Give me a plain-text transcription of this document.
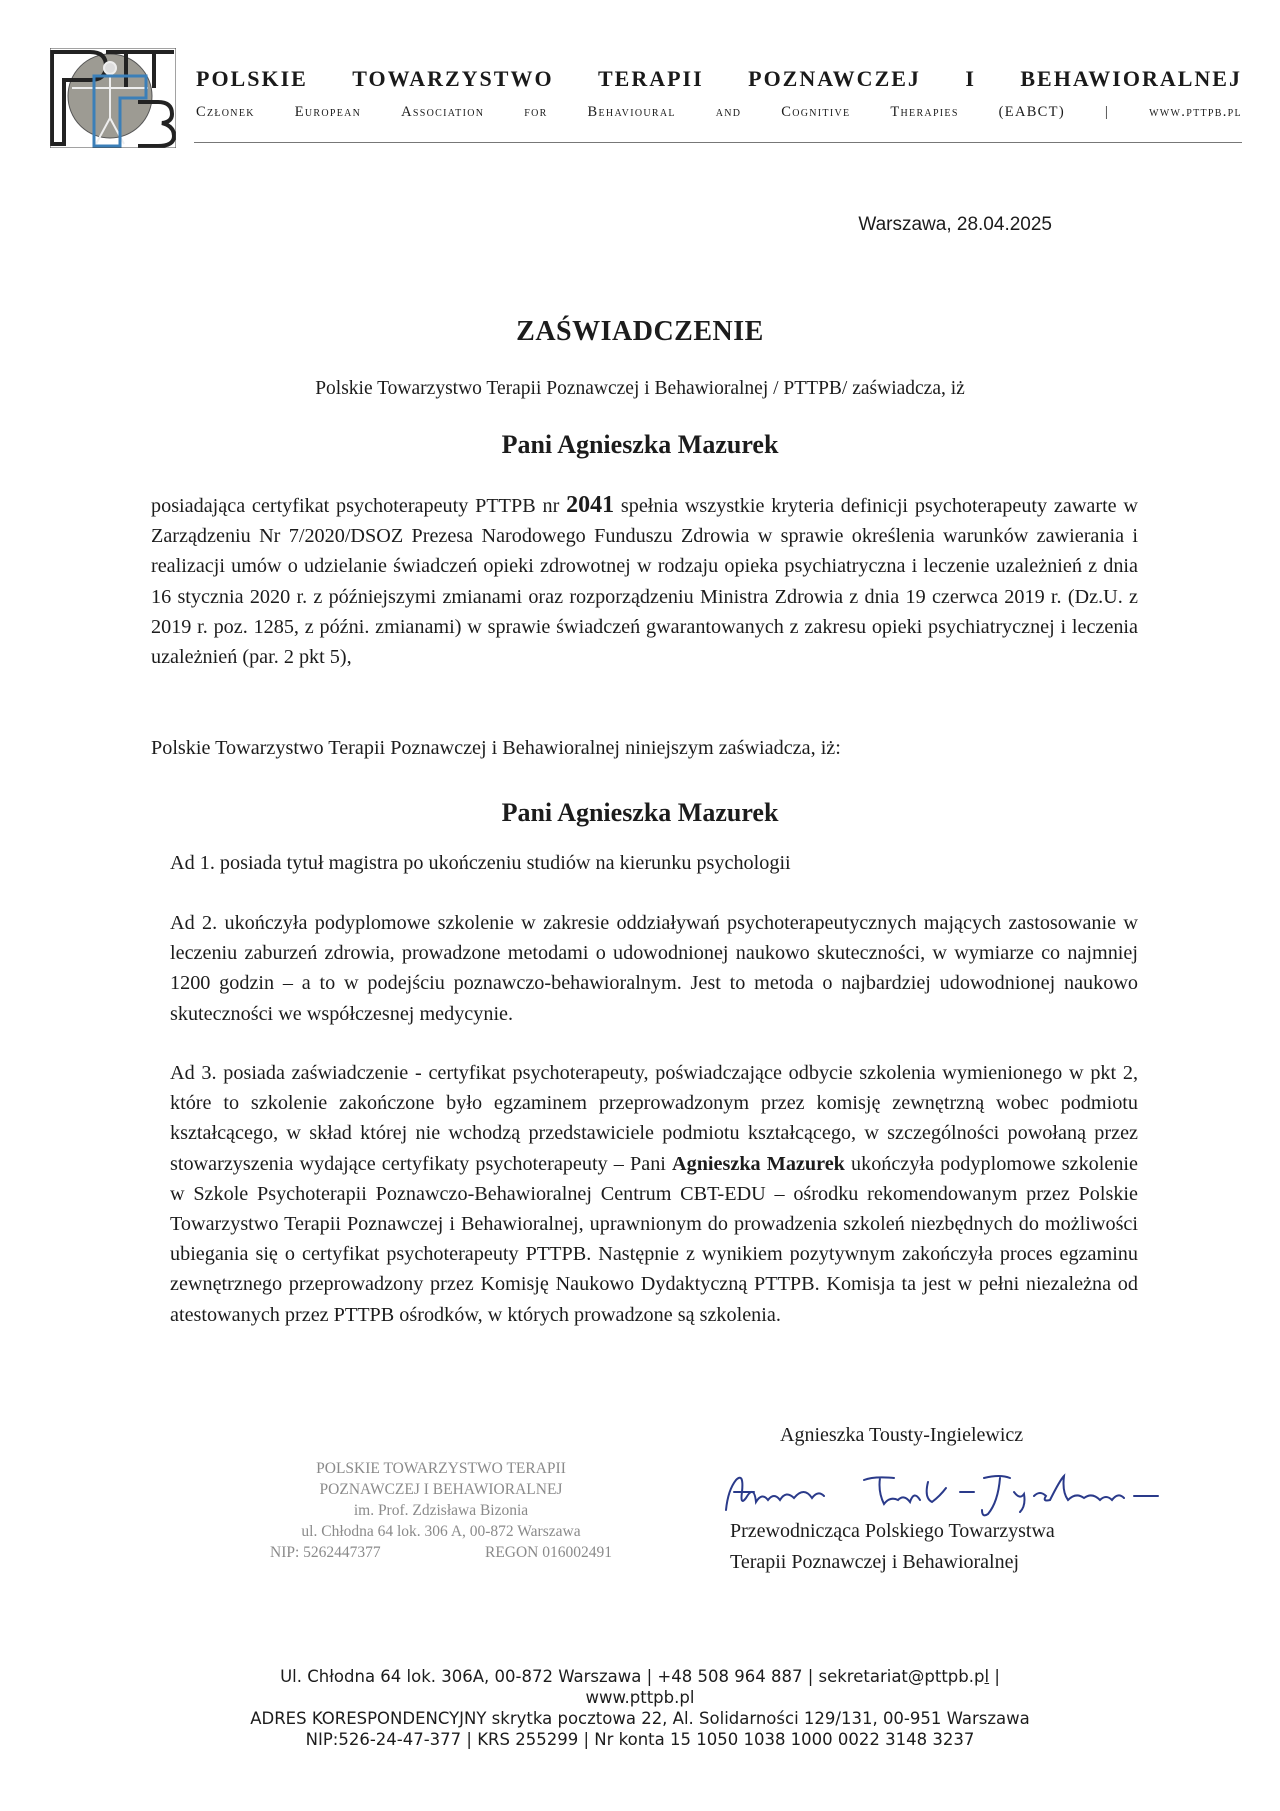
POLSKIE TOWARZYSTWO TERAPII POZNAWCZEJ I BEHAWIORALNEJ
Członek	European	Association	for	Behavioural	and	Cognitive	Therapies	(EABCT)	|	www.pttpb.pl
Warszawa, 28.04.2025
ZAŚWIADCZENIE
Polskie Towarzystwo Terapii Poznawczej i Behawioralnej / PTTPB/ zaświadcza, iż
Pani Agnieszka Mazurek
posiadająca certyfikat psychoterapeuty PTTPB nr 2041 spełnia wszystkie kryteria definicji psychoterapeuty zawarte w Zarządzeniu Nr 7/2020/DSOZ Prezesa Narodowego Funduszu Zdrowia w sprawie określenia warunków zawierania i realizacji umów o udzielanie świadczeń opieki zdrowotnej w rodzaju opieka psychiatryczna i leczenie uzależnień z dnia 16 stycznia 2020 r. z późniejszymi zmianami oraz rozporządzeniu Ministra Zdrowia z dnia 19 czerwca 2019 r. (Dz.U. z 2019 r. poz. 1285, z późni. zmianami) w sprawie świadczeń gwarantowanych z zakresu opieki psychiatrycznej i leczenia uzależnień (par. 2 pkt 5),
Polskie Towarzystwo Terapii Poznawczej i Behawioralnej niniejszym zaświadcza, iż:
Pani Agnieszka Mazurek
Ad 1. posiada tytuł magistra po ukończeniu studiów na kierunku psychologii
Ad 2. ukończyła podyplomowe szkolenie w zakresie oddziaływań psychoterapeutycznych mających zastosowanie w leczeniu zaburzeń zdrowia, prowadzone metodami o udowodnionej naukowo skuteczności, w wymiarze co najmniej 1200 godzin – a to w podejściu poznawczo-behawioralnym. Jest to metoda o najbardziej udowodnionej naukowo skuteczności we współczesnej medycynie.
Ad 3. posiada zaświadczenie - certyfikat psychoterapeuty, poświadczające odbycie szkolenia wymienionego w pkt 2, które to szkolenie zakończone było egzaminem przeprowadzonym przez komisję zewnętrzną wobec podmiotu kształcącego, w skład której nie wchodzą przedstawiciele podmiotu kształcącego, w szczególności powołaną przez stowarzyszenia wydające certyfikaty psychoterapeuty – Pani Agnieszka Mazurek ukończyła podyplomowe szkolenie w Szkole Psychoterapii Poznawczo-Behawioralnej Centrum CBT-EDU – ośrodku rekomendowanym przez Polskie Towarzystwo Terapii Poznawczej i Behawioralnej, uprawnionym do prowadzenia szkoleń niezbędnych do możliwości ubiegania się o certyfikat psychoterapeuty PTTPB. Następnie z wynikiem pozytywnym zakończyła proces egzaminu zewnętrznego przeprowadzony przez Komisję Naukowo Dydaktyczną PTTPB. Komisja ta jest w pełni niezależna od atestowanych przez PTTPB ośrodków, w których prowadzone są szkolenia.
POLSKIE TOWARZYSTWO TERAPII
POZNAWCZEJ I BEHAWIORALNEJ
im. Prof. Zdzisława Bizonia
ul. Chłodna 64 lok. 306 A, 00-872 Warszawa
NIP: 5262447377	REGON 016002491
Agnieszka Tousty-Ingielewicz
Przewodnicząca Polskiego Towarzystwa
Terapii Poznawczej i Behawioralnej
Ul. Chłodna 64 lok. 306A, 00-872 Warszawa | +48 508 964 887 | sekretariat@pttpb.pl |
www.pttpb.pl
ADRES KORESPONDENCYJNY skrytka pocztowa 22, Al. Solidarności 129/131, 00-951 Warszawa
NIP:526-24-47-377 | KRS 255299 | Nr konta 15 1050 1038 1000 0022 3148 3237
